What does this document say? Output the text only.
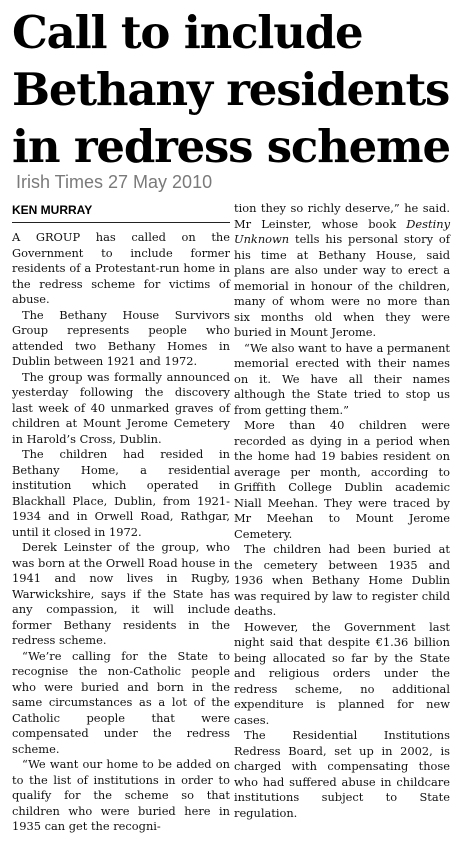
Call to include
Bethany residents
in redress scheme
Irish Times 27 May 2010
KEN MURRAY

A GROUP has called on the Government to include former residents of a Protestant-run home in the redress scheme for victims of abuse.

The Bethany House Survivors Group represents people who attended two Bethany Homes in Dublin between 1921 and 1972.

The group was formally announced yesterday following the discovery last week of 40 unmarked graves of children at Mount Jerome Cemetery in Harold’s Cross, Dublin.

The children had resided in Bethany Home, a residential institution which operated in Blackhall Place, Dublin, from 1921-1934 and in Orwell Road, Rathgar, until it closed in 1972.

Derek Leinster of the group, who was born at the Orwell Road house in 1941 and now lives in Rugby, Warwickshire, says if the State has any compassion, it will include former Bethany residents in the redress scheme.

“We’re calling for the State to recognise the non-Catholic people who were buried and born in the same circumstances as a lot of the Catholic people that were compensated under the redress scheme.

“We want our home to be added on to the list of institutions in order to qualify for the scheme so that children who were buried here in 1935 can get the recogni-

tion they so richly deserve,” he said. Mr Leinster, whose book Destiny Unknown tells his personal story of his time at Bethany House, said plans are also under way to erect a memorial in honour of the children, many of whom were no more than six months old when they were buried in Mount Jerome.

“We also want to have a permanent memorial erected with their names on it. We have all their names although the State tried to stop us from getting them.”

More than 40 children were recorded as dying in a period when the home had 19 babies resident on average per month, according to Griffith College Dublin academic Niall Meehan. They were traced by Mr Meehan to Mount Jerome Cemetery.

The children had been buried at the cemetery between 1935 and 1936 when Bethany Home Dublin was required by law to register child deaths.

However, the Government last night said that despite €1.36 billion being allocated so far by the State and religious orders under the redress scheme, no additional expenditure is planned for new cases.

The Residential Institutions Redress Board, set up in 2002, is charged with compensating those who had suffered abuse in childcare institutions subject to State regulation.
